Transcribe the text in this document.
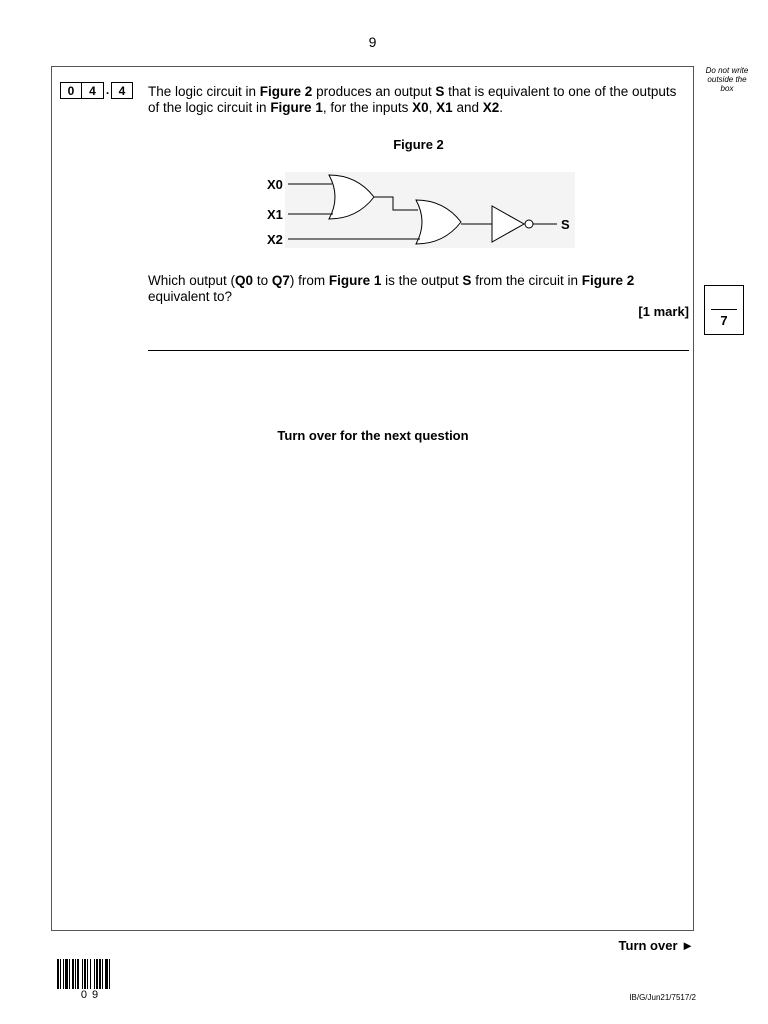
9
Do not write
outside the
box
0	4 . 4	The logic circuit in Figure 2 produces an output S that is equivalent to one of the outputs of the logic circuit in Figure 1, for the inputs X0, X1 and X2.
Figure 2
X0
X1
X2
S
Which output (Q0 to Q7) from Figure 1 is the output S from the circuit in Figure 2 equivalent to?
[1 mark]
7
Turn over for the next question
Turn over ►
09	IB/G/Jun21/7517/2
